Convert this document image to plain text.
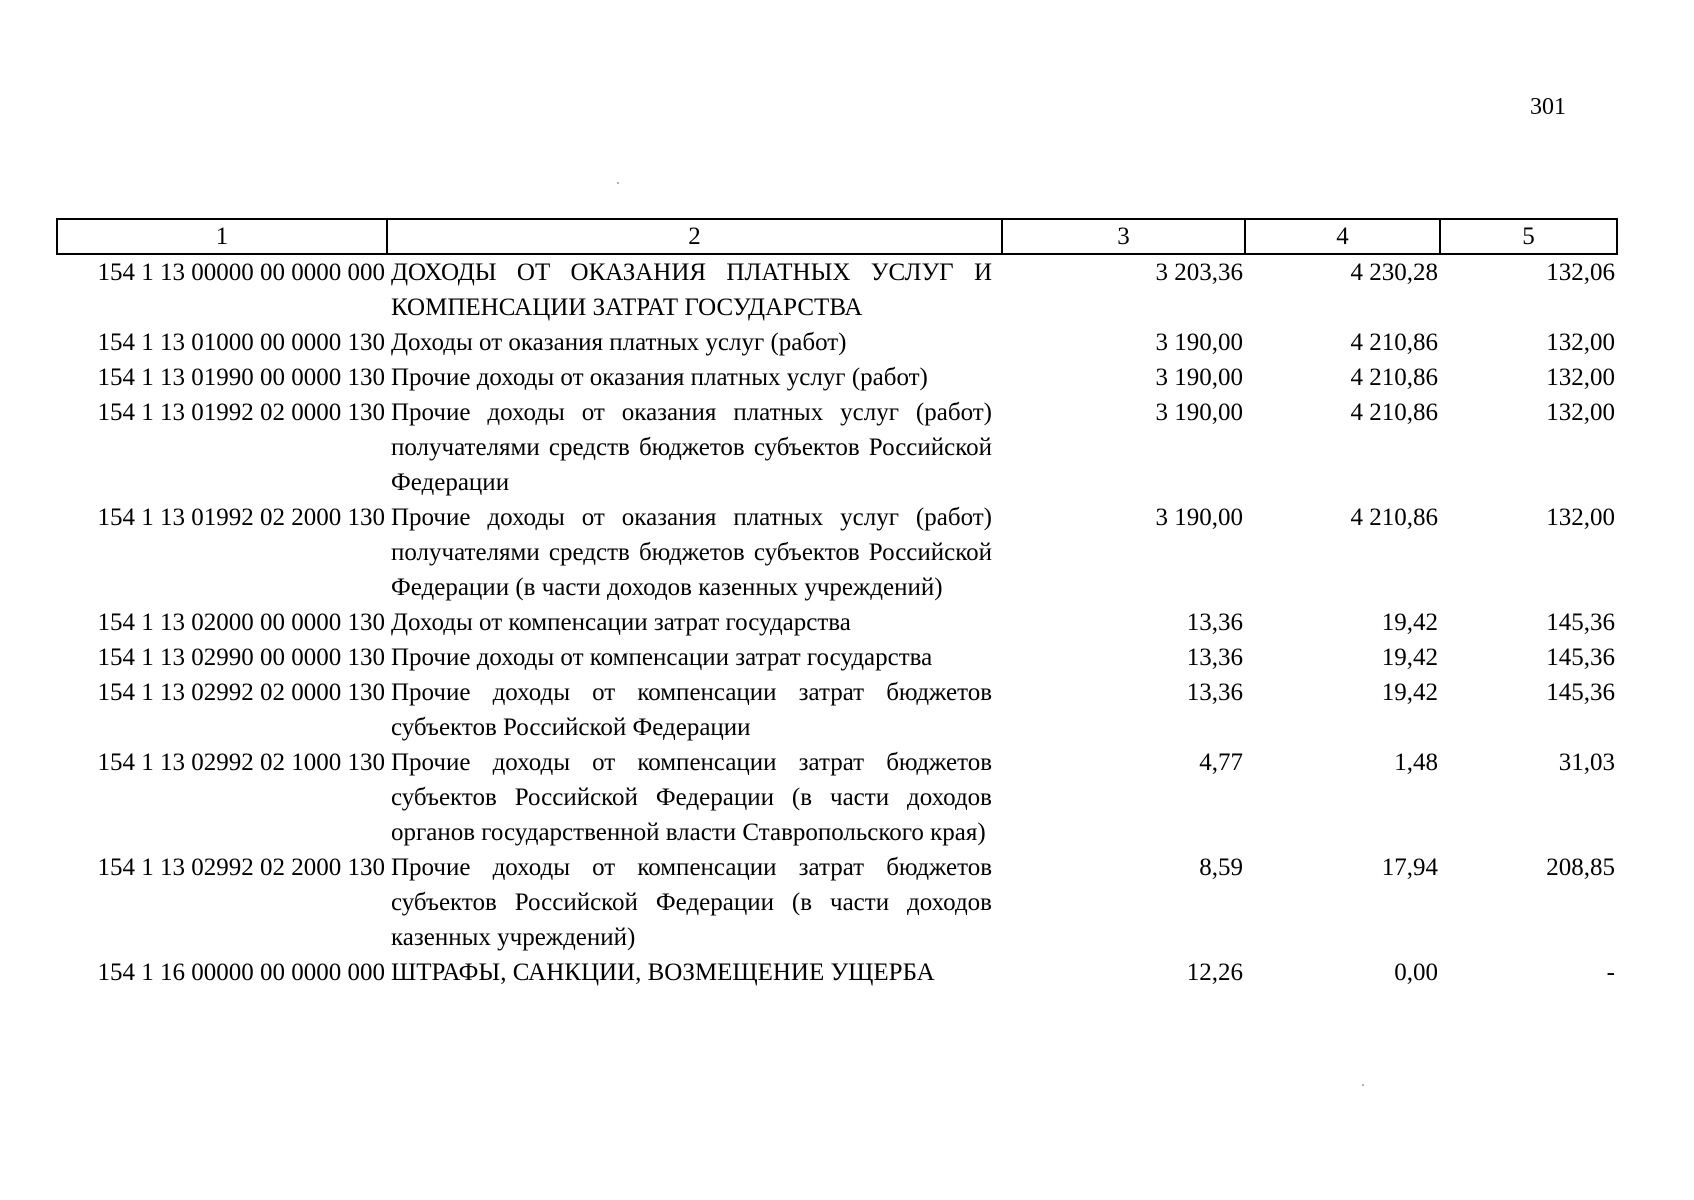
301
1	2	3	4	5
154 1 13 00000 00 0000 000	ДОХОДЫ ОТ ОКАЗАНИЯ ПЛАТНЫХ УСЛУГ И КОМПЕНСАЦИИ ЗАТРАТ ГОСУДАРСТВА	3 203,36	4 230,28	132,06
154 1 13 01000 00 0000 130	Доходы от оказания платных услуг (работ)	3 190,00	4 210,86	132,00
154 1 13 01990 00 0000 130	Прочие доходы от оказания платных услуг (работ)	3 190,00	4 210,86	132,00
154 1 13 01992 02 0000 130	Прочие доходы от оказания платных услуг (работ) получателями средств бюджетов субъектов Российской Федерации	3 190,00	4 210,86	132,00
154 1 13 01992 02 2000 130	Прочие доходы от оказания платных услуг (работ) получателями средств бюджетов субъектов Российской Федерации (в части доходов казенных учреждений)	3 190,00	4 210,86	132,00
154 1 13 02000 00 0000 130	Доходы от компенсации затрат государства	13,36	19,42	145,36
154 1 13 02990 00 0000 130	Прочие доходы от компенсации затрат государства	13,36	19,42	145,36
154 1 13 02992 02 0000 130	Прочие доходы от компенсации затрат бюджетов субъектов Российской Федерации	13,36	19,42	145,36
154 1 13 02992 02 1000 130	Прочие доходы от компенсации затрат бюджетов субъектов Российской Федерации (в части доходов органов государственной власти Ставропольского края)	4,77	1,48	31,03
154 1 13 02992 02 2000 130	Прочие доходы от компенсации затрат бюджетов субъектов Российской Федерации (в части доходов казенных учреждений)	8,59	17,94	208,85
154 1 16 00000 00 0000 000	ШТРАФЫ, САНКЦИИ, ВОЗМЕЩЕНИЕ УЩЕРБА	12,26	0,00	-
